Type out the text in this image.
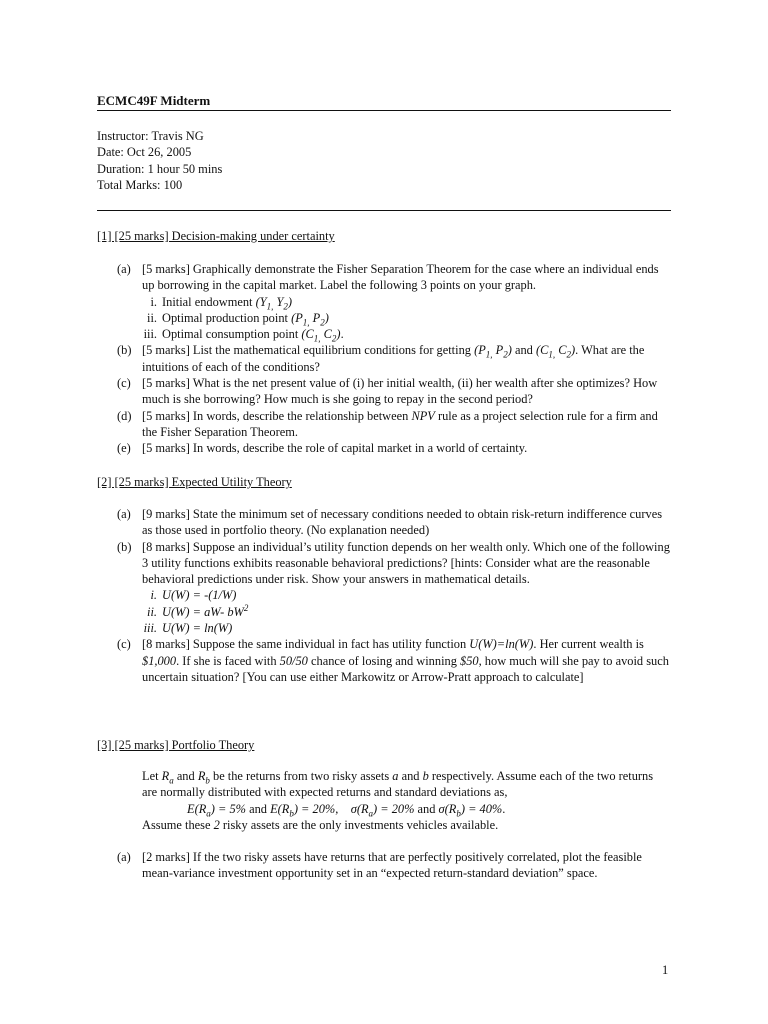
ECMC49F Midterm
Instructor: Travis NG
Date: Oct 26, 2005
Duration: 1 hour 50 mins
Total Marks: 100
[1] [25 marks] Decision-making under certainty
(a) [5 marks] Graphically demonstrate the Fisher Separation Theorem for the case where an individual ends up borrowing in the capital market. Label the following 3 points on your graph.
i. Initial endowment ($Y_{1,}$ $Y_2$)
ii. Optimal production point ($P_{1,}$ $P_2$)
iii. Optimal consumption point ($C_{1,}$ $C_2$).
(b) [5 marks] List the mathematical equilibrium conditions for getting ($P_{1,}$ $P_2$) and ($C_{1,}$ $C_2$). What are the intuitions of each of the conditions?
(c) [5 marks] What is the net present value of (i) her initial wealth, (ii) her wealth after she optimizes? How much is she borrowing? How much is she going to repay in the second period?
(d) [5 marks] In words, describe the relationship between NPV rule as a project selection rule for a firm and the Fisher Separation Theorem.
(e) [5 marks] In words, describe the role of capital market in a world of certainty.
[2] [25 marks] Expected Utility Theory
(a) [9 marks] State the minimum set of necessary conditions needed to obtain risk-return indifference curves as those used in portfolio theory. (No explanation needed)
(b) [8 marks] Suppose an individual’s utility function depends on her wealth only. Which one of the following 3 utility functions exhibits reasonable behavioral predictions? [hints: Consider what are the reasonable behavioral predictions under risk. Show your answers in mathematical details.
i. U(W) = -(1/W)
ii. U(W) = aW- $bW^2$
iii. U(W) = ln(W)
(c) [8 marks] Suppose the same individual in fact has utility function U(W)=ln(W). Her current wealth is $1,000. If she is faced with 50/50 chance of losing and winning $50, how much will she pay to avoid such uncertain situation? [You can use either Markowitz or Arrow-Pratt approach to calculate]
[3] [25 marks] Portfolio Theory
Let $R_a$ and $R_b$ be the returns from two risky assets a and b respectively. Assume each of the two returns are normally distributed with expected returns and standard deviations as,
$E(R_a) = 5\%$ and $E(R_b) = 20\%$,    $\sigma(R_a) = 20\%$ and $\sigma(R_b) = 40\%$.
Assume these 2 risky assets are the only investments vehicles available.
(a) [2 marks] If the two risky assets have returns that are perfectly positively correlated, plot the feasible mean-variance investment opportunity set in an “expected return-standard deviation” space.
1
